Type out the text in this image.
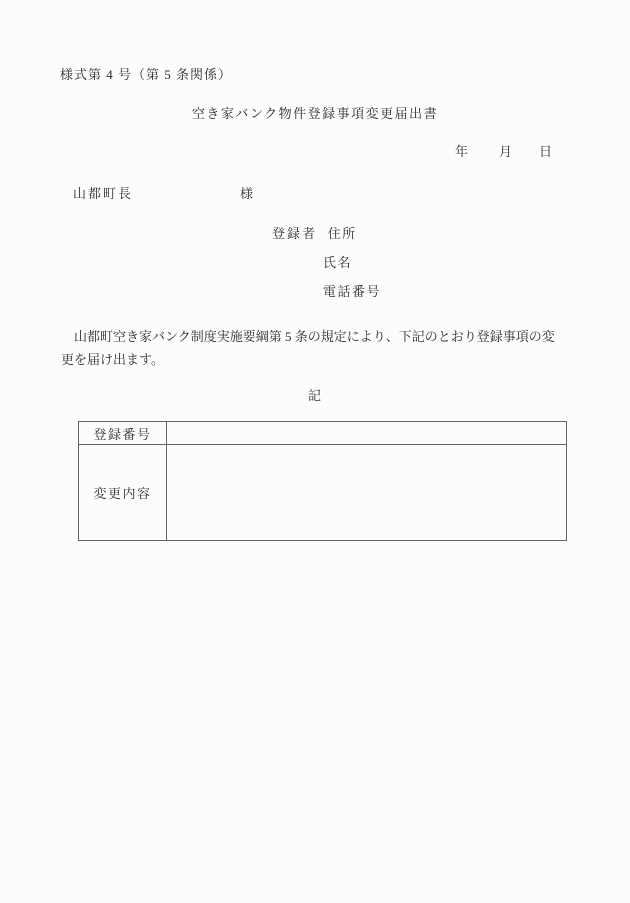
様式第 4 号（第 5 条関係）
空き家バンク物件登録事項変更届出書
年 月 日
山都町長	様
登録者 住所
氏名
電話番号
山都町空き家バンク制度実施要綱第 5 条の規定により、下記のとおり登録事項の変
更を届け出ます。
記
登録番号	
変更内容	
